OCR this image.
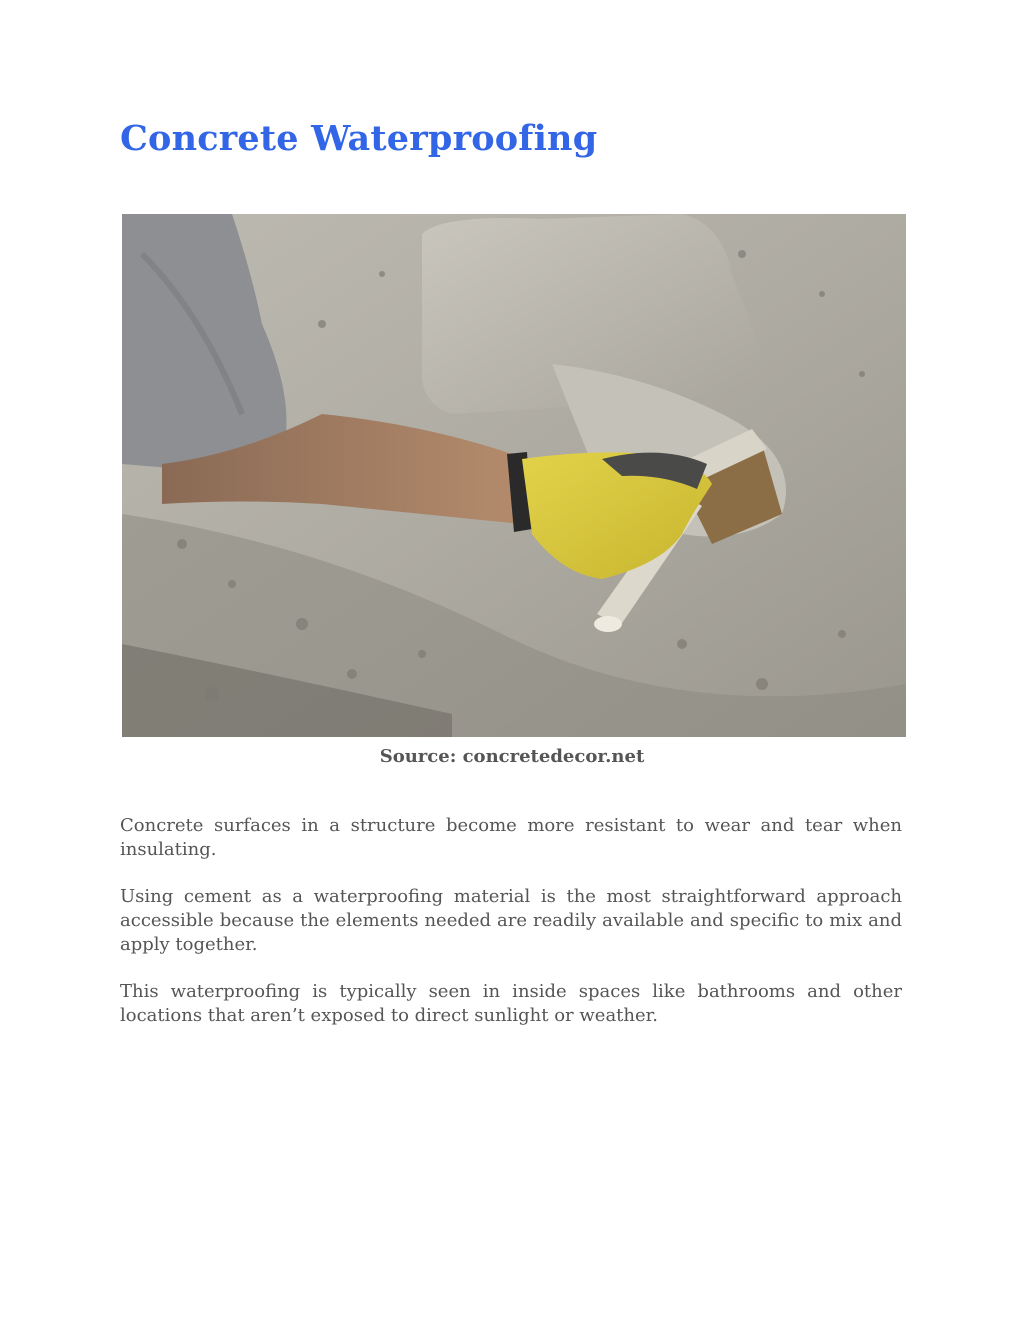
Concrete Waterproofing
Source: concretedecor.net

Concrete surfaces in a structure become more resistant to wear and tear when insulating.

Using cement as a waterproofing material is the most straightforward approach accessible because the elements needed are readily available and specific to mix and apply together.

This waterproofing is typically seen in inside spaces like bathrooms and other locations that aren’t exposed to direct sunlight or weather.
